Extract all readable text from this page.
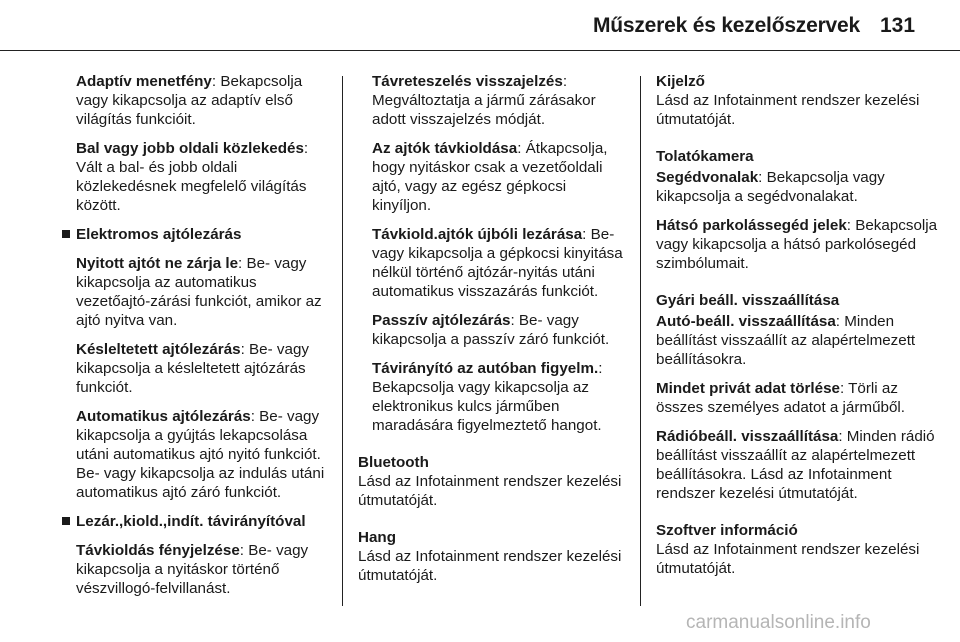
Műszerek és kezelőszervek 131

Adaptív menetfény: Bekapcsolja vagy kikapcsolja az adaptív első világítás funkcióit.

Bal vagy jobb oldali közlekedés: Vált a bal- és jobb oldali közlekedésnek megfelelő világítás között.

Elektromos ajtólezárás

Nyitott ajtót ne zárja le: Be- vagy kikapcsolja az automatikus vezetőajtó-zárási funkciót, amikor az ajtó nyitva van.

Késleltetett ajtólezárás: Be- vagy kikapcsolja a késleltetett ajtózárás funkciót.

Automatikus ajtólezárás: Be- vagy kikapcsolja a gyújtás lekapcsolása utáni automatikus ajtó nyitó funkciót. Be- vagy kikapcsolja az indulás utáni automatikus ajtó záró funkciót.

Lezár.,kiold.,indít. távirányítóval

Távkioldás fényjelzése: Be- vagy kikapcsolja a nyitáskor történő vészvillogó-felvillanást.

Távreteszelés visszajelzés: Megváltoztatja a jármű zárásakor adott visszajelzés módját.

Az ajtók távkioldása: Átkapcsolja, hogy nyitáskor csak a vezetőoldali ajtó, vagy az egész gépkocsi kinyíljon.

Távkiold.ajtók újbóli lezárása: Be- vagy kikapcsolja a gépkocsi kinyitása nélkül történő ajtózár-nyitás utáni automatikus visszazárás funkciót.

Passzív ajtólezárás: Be- vagy kikapcsolja a passzív záró funkciót.

Távirányító az autóban figyelm.: Bekapcsolja vagy kikapcsolja az elektronikus kulcs járműben maradására figyelmeztető hangot.

Bluetooth

Lásd az Infotainment rendszer kezelési útmutatóját.

Hang

Lásd az Infotainment rendszer kezelési útmutatóját.

Kijelző

Lásd az Infotainment rendszer kezelési útmutatóját.

Tolatókamera

Segédvonalak: Bekapcsolja vagy kikapcsolja a segédvonalakat.

Hátsó parkolássegéd jelek: Bekapcsolja vagy kikapcsolja a hátsó parkolósegéd szimbólumait.

Gyári beáll. visszaállítása

Autó-beáll. visszaállítása: Minden beállítást visszaállít az alapértelmezett beállításokra.

Mindet privát adat törlése: Törli az összes személyes adatot a járműből.

Rádióbeáll. visszaállítása: Minden rádió beállítást visszaállít az alapértelmezett beállításokra. Lásd az Infotainment rendszer kezelési útmutatóját.

Szoftver információ

Lásd az Infotainment rendszer kezelési útmutatóját.

carmanualsonline.info
